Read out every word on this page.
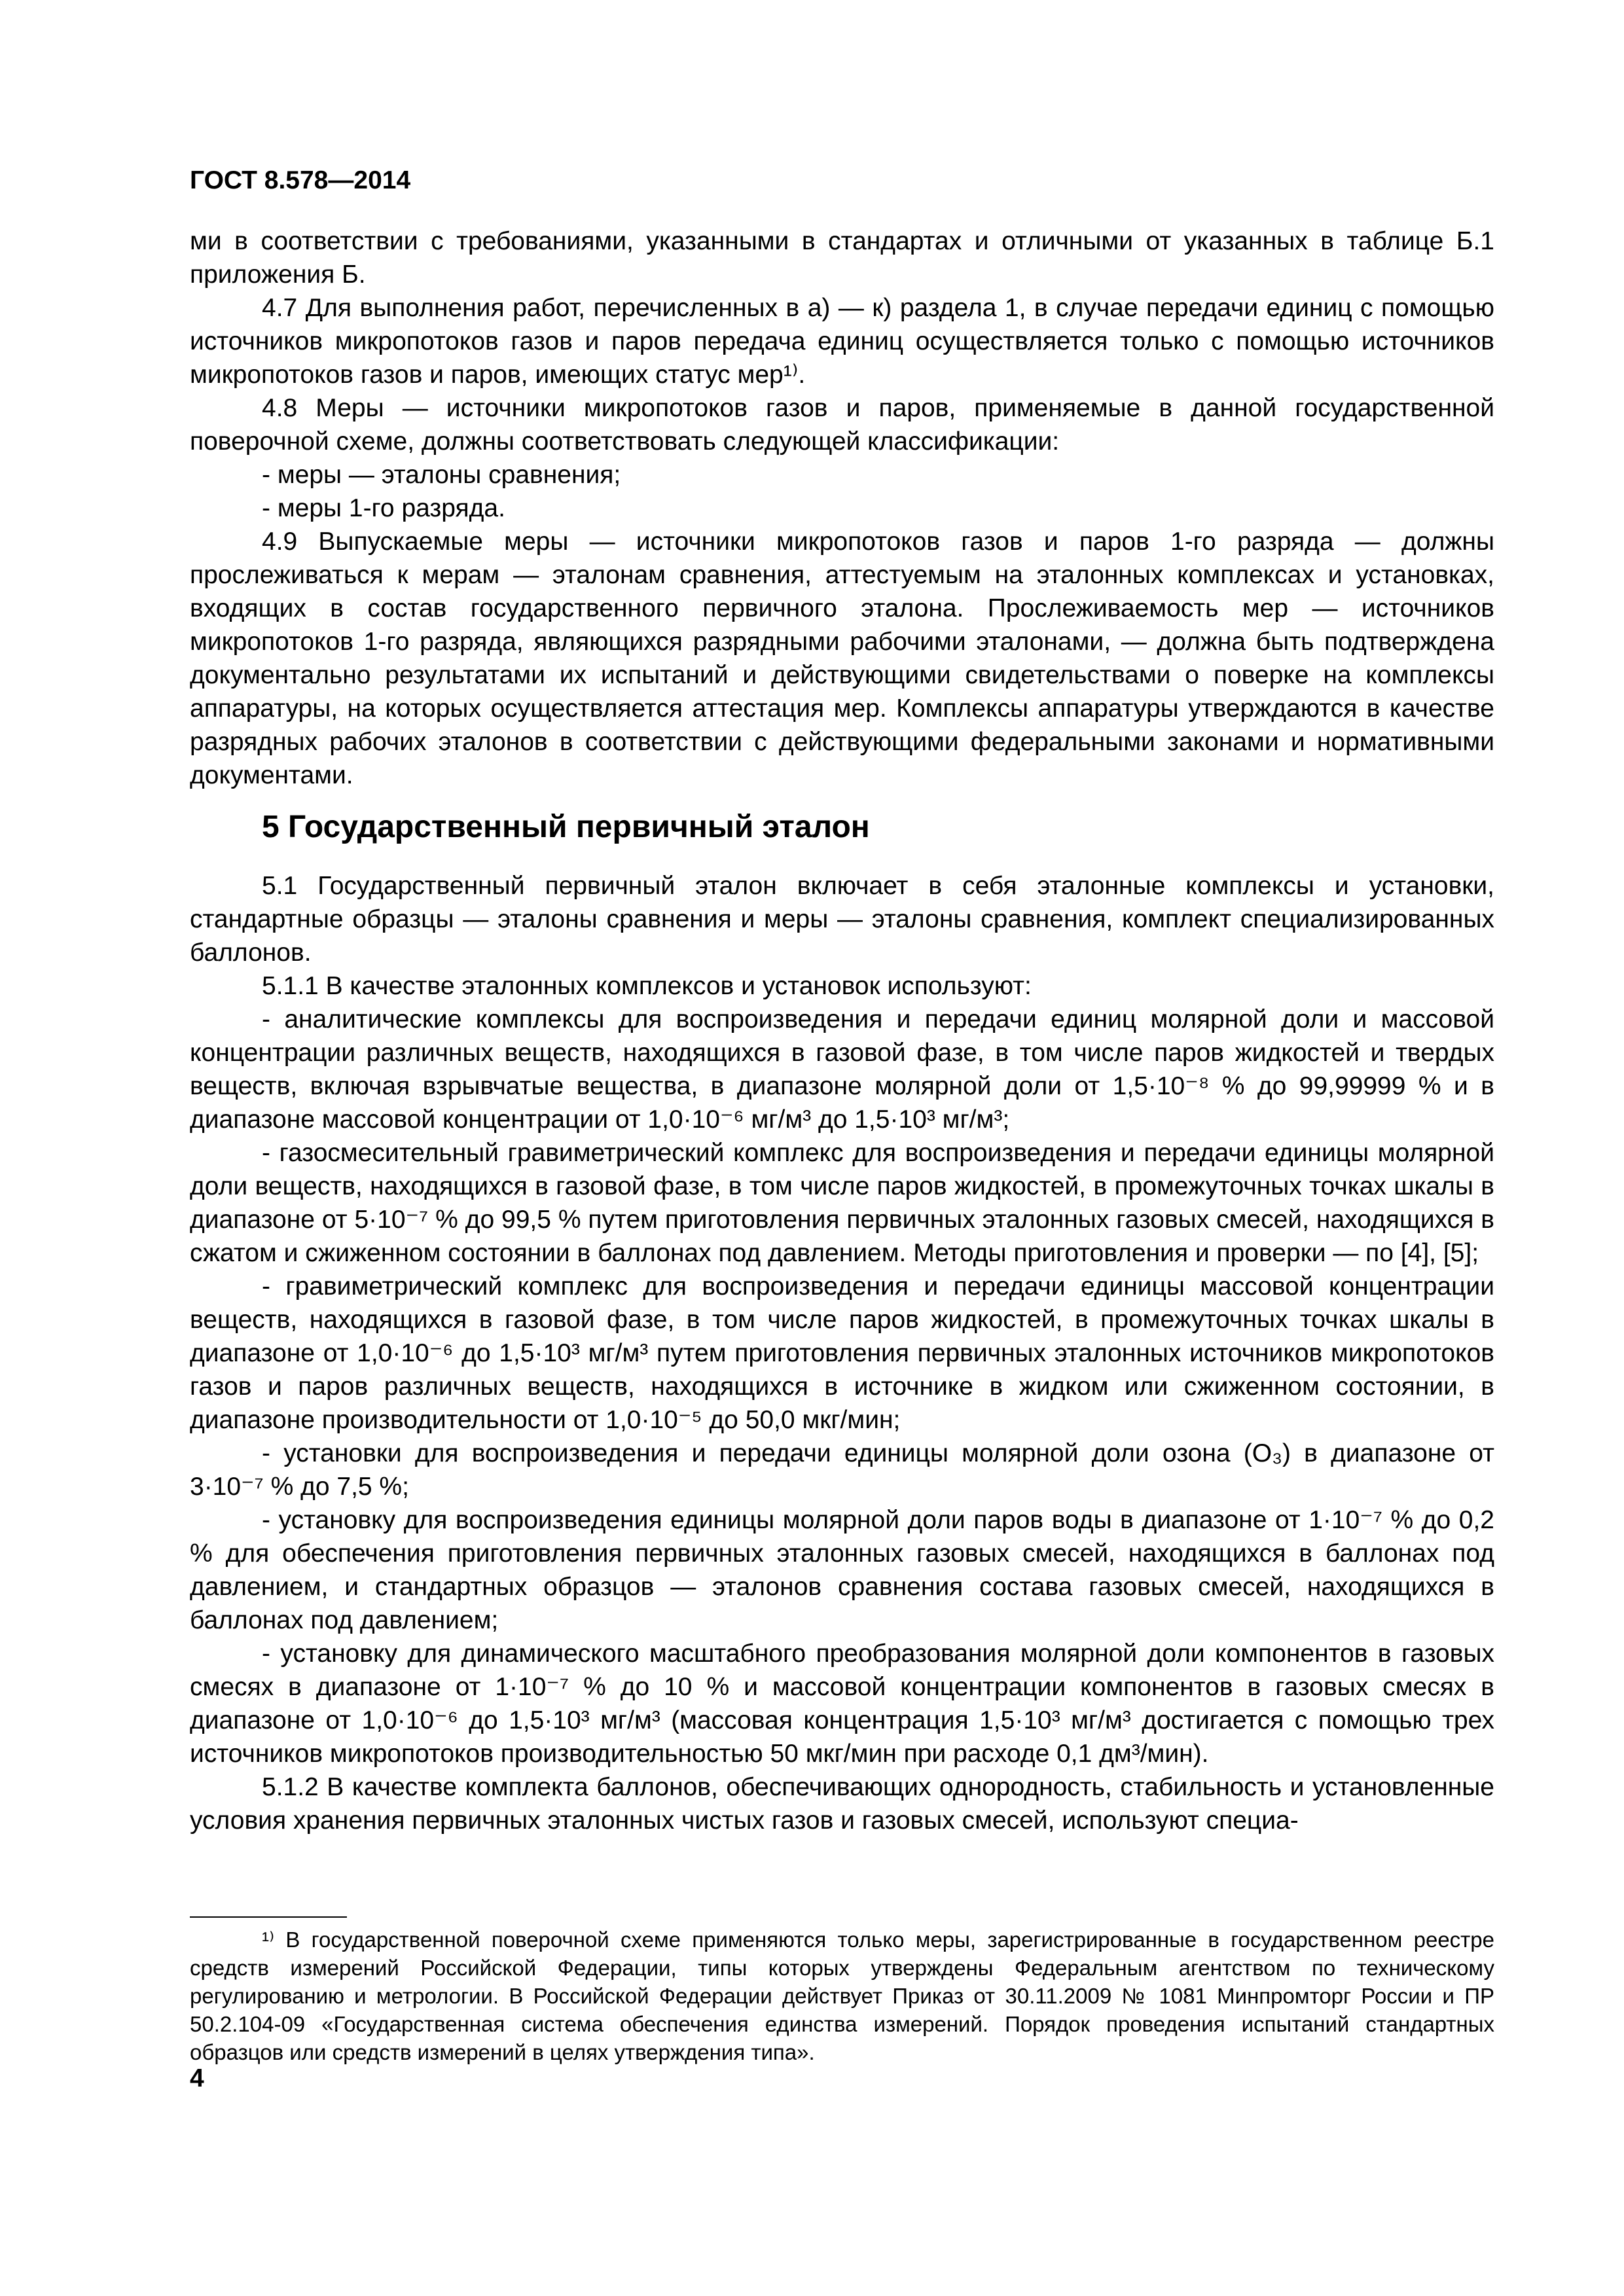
ГОСТ 8.578—2014

ми в соответствии с требованиями, указанными в стандартах и отличными от указанных в таблице Б.1 приложения Б.

4.7 Для выполнения работ, перечисленных в а) — к) раздела 1, в случае передачи единиц с помощью источников микропотоков газов и паров передача единиц осуществляется только с помощью источников микропотоков газов и паров, имеющих статус мер¹⁾.

4.8 Меры — источники микропотоков газов и паров, применяемые в данной государственной поверочной схеме, должны соответствовать следующей классификации:

- меры — эталоны сравнения;

- меры 1-го разряда.

4.9 Выпускаемые меры — источники микропотоков газов и паров 1-го разряда — должны прослеживаться к мерам — эталонам сравнения, аттестуемым на эталонных комплексах и установках, входящих в состав государственного первичного эталона. Прослеживаемость мер — источников микропотоков 1-го разряда, являющихся разрядными рабочими эталонами, — должна быть подтверждена документально результатами их испытаний и действующими свидетельствами о поверке на комплексы аппаратуры, на которых осуществляется аттестация мер. Комплексы аппаратуры утверждаются в качестве разрядных рабочих эталонов в соответствии с действующими федеральными законами и нормативными документами.

5 Государственный первичный эталон

5.1 Государственный первичный эталон включает в себя эталонные комплексы и установки, стандартные образцы — эталоны сравнения и меры — эталоны сравнения, комплект специализированных баллонов.

5.1.1 В качестве эталонных комплексов и установок используют:

- аналитические комплексы для воспроизведения и передачи единиц молярной доли и массовой концентрации различных веществ, находящихся в газовой фазе, в том числе паров жидкостей и твердых веществ, включая взрывчатые вещества, в диапазоне молярной доли от 1,5·10⁻⁸ % до 99,99999 % и в диапазоне массовой концентрации от 1,0·10⁻⁶ мг/м³ до 1,5·10³ мг/м³;

- газосмесительный гравиметрический комплекс для воспроизведения и передачи единицы молярной доли веществ, находящихся в газовой фазе, в том числе паров жидкостей, в промежуточных точках шкалы в диапазоне от 5·10⁻⁷ % до 99,5 % путем приготовления первичных эталонных газовых смесей, находящихся в сжатом и сжиженном состоянии в баллонах под давлением. Методы приготовления и проверки — по [4], [5];

- гравиметрический комплекс для воспроизведения и передачи единицы массовой концентрации веществ, находящихся в газовой фазе, в том числе паров жидкостей, в промежуточных точках шкалы в диапазоне от 1,0·10⁻⁶ до 1,5·10³ мг/м³ путем приготовления первичных эталонных источников микропотоков газов и паров различных веществ, находящихся в источнике в жидком или сжиженном состоянии, в диапазоне производительности от 1,0·10⁻⁵ до 50,0 мкг/мин;

- установки для воспроизведения и передачи единицы молярной доли озона (O₃) в диапазоне от 3·10⁻⁷ % до 7,5 %;

- установку для воспроизведения единицы молярной доли паров воды в диапазоне от 1·10⁻⁷ % до 0,2 % для обеспечения приготовления первичных эталонных газовых смесей, находящихся в баллонах под давлением, и стандартных образцов — эталонов сравнения состава газовых смесей, находящихся в баллонах под давлением;

- установку для динамического масштабного преобразования молярной доли компонентов в газовых смесях в диапазоне от 1·10⁻⁷ % до 10 % и массовой концентрации компонентов в газовых смесях в диапазоне от 1,0·10⁻⁶ до 1,5·10³ мг/м³ (массовая концентрация 1,5·10³ мг/м³ достигается с помощью трех источников микропотоков производительностью 50 мкг/мин при расходе 0,1 дм³/мин).

5.1.2 В качестве комплекта баллонов, обеспечивающих однородность, стабильность и установленные условия хранения первичных эталонных чистых газов и газовых смесей, используют специа-

¹⁾ В государственной поверочной схеме применяются только меры, зарегистрированные в государственном реестре средств измерений Российской Федерации, типы которых утверждены Федеральным агентством по техническому регулированию и метрологии. В Российской Федерации действует Приказ от 30.11.2009 № 1081 Минпромторг России и ПР 50.2.104-09 «Государственная система обеспечения единства измерений. Порядок проведения испытаний стандартных образцов или средств измерений в целях утверждения типа».

4
